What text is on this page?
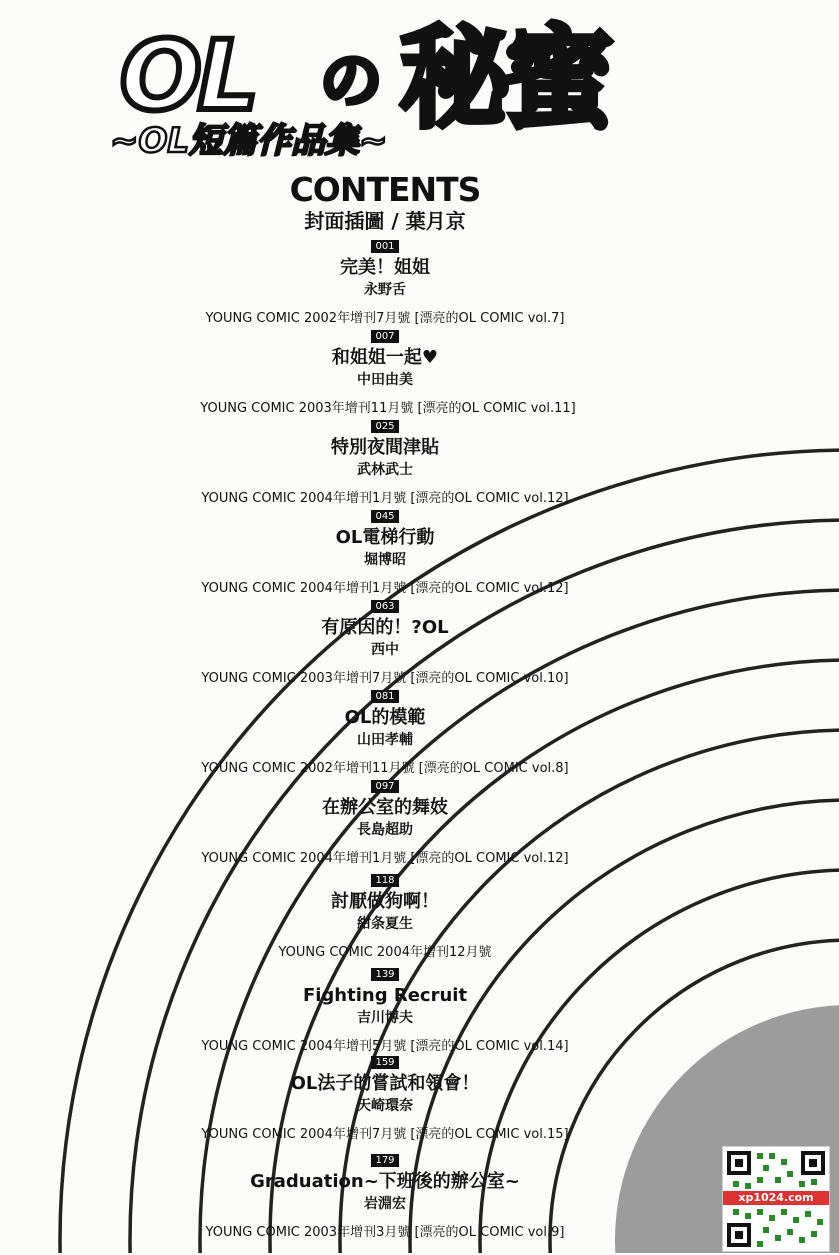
OL の 秘蜜
~OL短篇作品集~
CONTENTS
封面插圖 / 葉月京
001
完美！姐姐
永野舌
YOUNG COMIC 2002年增刊7月號 [漂亮的OL COMIC vol.7]
007
和姐姐一起♥
中田由美
YOUNG COMIC 2003年增刊11月號 [漂亮的OL COMIC vol.11]
025
特別夜間津貼
武林武士
YOUNG COMIC 2004年增刊1月號 [漂亮的OL COMIC vol.12]
045
OL電梯行動
堀博昭
YOUNG COMIC 2004年增刊1月號 [漂亮的OL COMIC vol.12]
063
有原因的！?OL
西中
YOUNG COMIC 2003年增刊7月號 [漂亮的OL COMIC vol.10]
081
OL的模範
山田孝輔
YOUNG COMIC 2002年增刊11月號 [漂亮的OL COMIC vol.8]
097
在辦公室的舞妓
長島超助
YOUNG COMIC 2004年增刊1月號 [漂亮的OL COMIC vol.12]
118
討厭做狗啊！
紺条夏生
YOUNG COMIC 2004年增刊12月號
139
Fighting Recruit
吉川博夫
YOUNG COMIC 2004年增刊5月號 [漂亮的OL COMIC vol.14]
159
OL法子的嘗試和領會！
天崎環奈
YOUNG COMIC 2004年增刊7月號 [漂亮的OL COMIC vol.15]
179
Graduation~下班後的辦公室~
岩淵宏
YOUNG COMIC 2003年增刊3月號 [漂亮的OL COMIC vol.9]
xp1024.com
